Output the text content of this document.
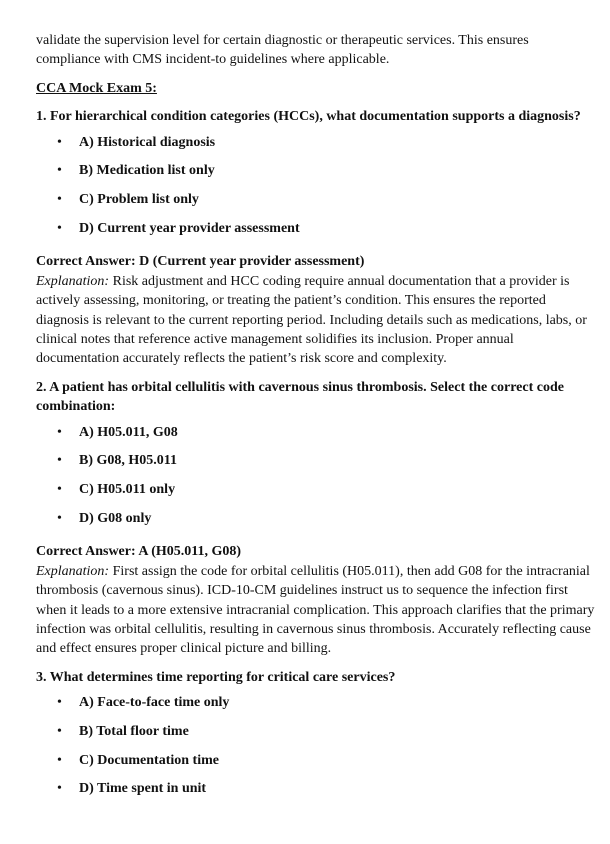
validate the supervision level for certain diagnostic or therapeutic services. This ensures compliance with CMS incident-to guidelines where applicable.

CCA Mock Exam 5:

1. For hierarchical condition categories (HCCs), what documentation supports a diagnosis?

• A) Historical diagnosis
• B) Medication list only
• C) Problem list only
• D) Current year provider assessment

Correct Answer: D (Current year provider assessment)

Explanation: Risk adjustment and HCC coding require annual documentation that a provider is actively assessing, monitoring, or treating the patient’s condition. This ensures the reported diagnosis is relevant to the current reporting period. Including details such as medications, labs, or clinical notes that reference active management solidifies its inclusion. Proper annual documentation accurately reflects the patient’s risk score and complexity.

2. A patient has orbital cellulitis with cavernous sinus thrombosis. Select the correct code combination:

• A) H05.011, G08
• B) G08, H05.011
• C) H05.011 only
• D) G08 only

Correct Answer: A (H05.011, G08)

Explanation: First assign the code for orbital cellulitis (H05.011), then add G08 for the intracranial thrombosis (cavernous sinus). ICD-10-CM guidelines instruct us to sequence the infection first when it leads to a more extensive intracranial complication. This approach clarifies that the primary infection was orbital cellulitis, resulting in cavernous sinus thrombosis. Accurately reflecting cause and effect ensures proper clinical picture and billing.

3. What determines time reporting for critical care services?

• A) Face-to-face time only
• B) Total floor time
• C) Documentation time
• D) Time spent in unit
